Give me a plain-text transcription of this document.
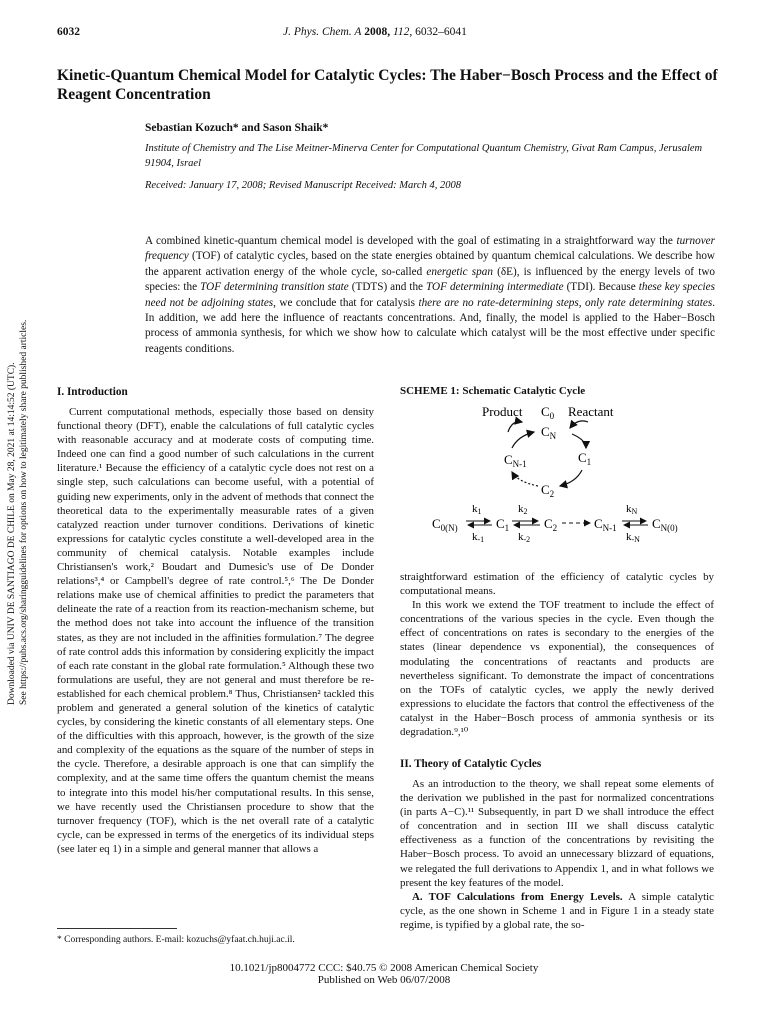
6032	J. Phys. Chem. A 2008, 112, 6032–6041
Kinetic-Quantum Chemical Model for Catalytic Cycles: The Haber−Bosch Process and the Effect of Reagent Concentration
Sebastian Kozuch* and Sason Shaik*
Institute of Chemistry and The Lise Meitner-Minerva Center for Computational Quantum Chemistry, Givat Ram Campus, Jerusalem 91904, Israel
Received: January 17, 2008; Revised Manuscript Received: March 4, 2008
A combined kinetic-quantum chemical model is developed with the goal of estimating in a straightforward way the turnover frequency (TOF) of catalytic cycles, based on the state energies obtained by quantum chemical calculations. We describe how the apparent activation energy of the whole cycle, so-called energetic span (δE), is influenced by the energy levels of two species: the TOF determining transition state (TDTS) and the TOF determining intermediate (TDI). Because these key species need not be adjoining states, we conclude that for catalysis there are no rate-determining steps, only rate determining states. In addition, we add here the influence of reactants concentrations. And, finally, the model is applied to the Haber−Bosch process of ammonia synthesis, for which we show how to calculate which catalyst will be the most effective under specific reagents conditions.
Downloaded via UNIV DE SANTIAGO DE CHILE on May 28, 2021 at 14:14:52 (UTC). See https://pubs.acs.org/sharingguidelines for options on how to legitimately share published articles.	I. Introduction

Current computational methods, especially those based on density functional theory (DFT), enable the calculations of full catalytic cycles with reasonable accuracy and at moderate costs of computing time. Indeed one can find a good number of such calculations in the current literature.¹ Because the efficiency of a catalytic cycle does not rest on a single step, such calculations can become useful, with a potential of guiding new experiments, only in the advent of methods that connect the theoretical data to the experimentally measurable rates of a given catalyzed reaction under turnover conditions. Derivations of kinetic expressions for catalytic cycles constitute a well-developed area in the community of chemical catalysis. Notable examples include Christiansen's work,² Boudart and Dumesic's use of De Donder relations³,⁴ or Campbell's degree of rate control.⁵,⁶ The De Donder relations make use of chemical affinities to predict the parameters that delineate the rate of a reaction from its reaction-mechanism scheme, but the method does not take into account the influence of the transition states, as they are not included in the affinities formulation.⁷ The degree of rate control adds this information by considering explicitly the impact of each rate constant in the global rate formulation.⁵ Although these two formulations are useful, they are not general and must therefore be re-established for each chemical problem.⁸ Thus, Christiansen² tackled this problem and generated a general solution of the kinetics of catalytic cycles, by considering the kinetic constants of all elementary steps. One of the difficulties with this approach, however, is the growth of the size and complexity of the equations as the square of the number of steps in the cycle. Therefore, a desirable approach is one that can simplify the complexity, and at the same time offers the quantum chemist the means to integrate into this model his/her computational results. In this sense, we have recently used the Christiansen procedure to show that the turnover frequency (TOF), which is the net overall rate of a catalytic cycle, can be expressed in terms of the energetics of its individual steps (see later eq 1) in a simple and general manner that allows a

SCHEME 1: Schematic Catalytic Cycle
Product $C_0$ Reactant
$C_N$
$C_{N-1}$	$C_1$
$C_2$
$C_{0(N)}$
k1
k-1
$C_1$
k2
k-2
$C_2$	$C_{N-1}$
kN
k-N
$C_{N(0)}$

straightforward estimation of the efficiency of catalytic cycles by computational means.

In this work we extend the TOF treatment to include the effect of concentrations of the various species in the cycle. Even though the effect of concentrations on rates is secondary to the energies of the states (linear dependence vs exponential), the consequences of modulating the concentrations of reactants and products are nevertheless significant. To demonstrate the impact of concentrations on the TOFs of catalytic cycles, we apply the newly derived expressions to elucidate the factors that control the effectiveness of the catalyst in the Haber−Bosch process of ammonia synthesis or its degradation.⁹,¹⁰

II. Theory of Catalytic Cycles

As an introduction to the theory, we shall repeat some elements of the derivation we published in the past for normalized concentrations (in parts A−C).¹¹ Subsequently, in part D we shall introduce the effect of concentration and in section III we shall discuss catalytic effectiveness as a function of the concentrations by revisiting the Haber−Bosch process. To avoid an unnecessary blizzard of equations, we relegated the full derivations to Appendix 1, and in what follows we present the key features of the model.

A. TOF Calculations from Energy Levels. A simple catalytic cycle, as the one shown in Scheme 1 and in Figure 1 in a steady state regime, is typified by a global rate, the so-

* Corresponding authors. E-mail: kozuchs@yfaat.ch.huji.ac.il.
10.1021/jp8004772 CCC: $40.75 © 2008 American Chemical Society
Published on Web 06/07/2008
